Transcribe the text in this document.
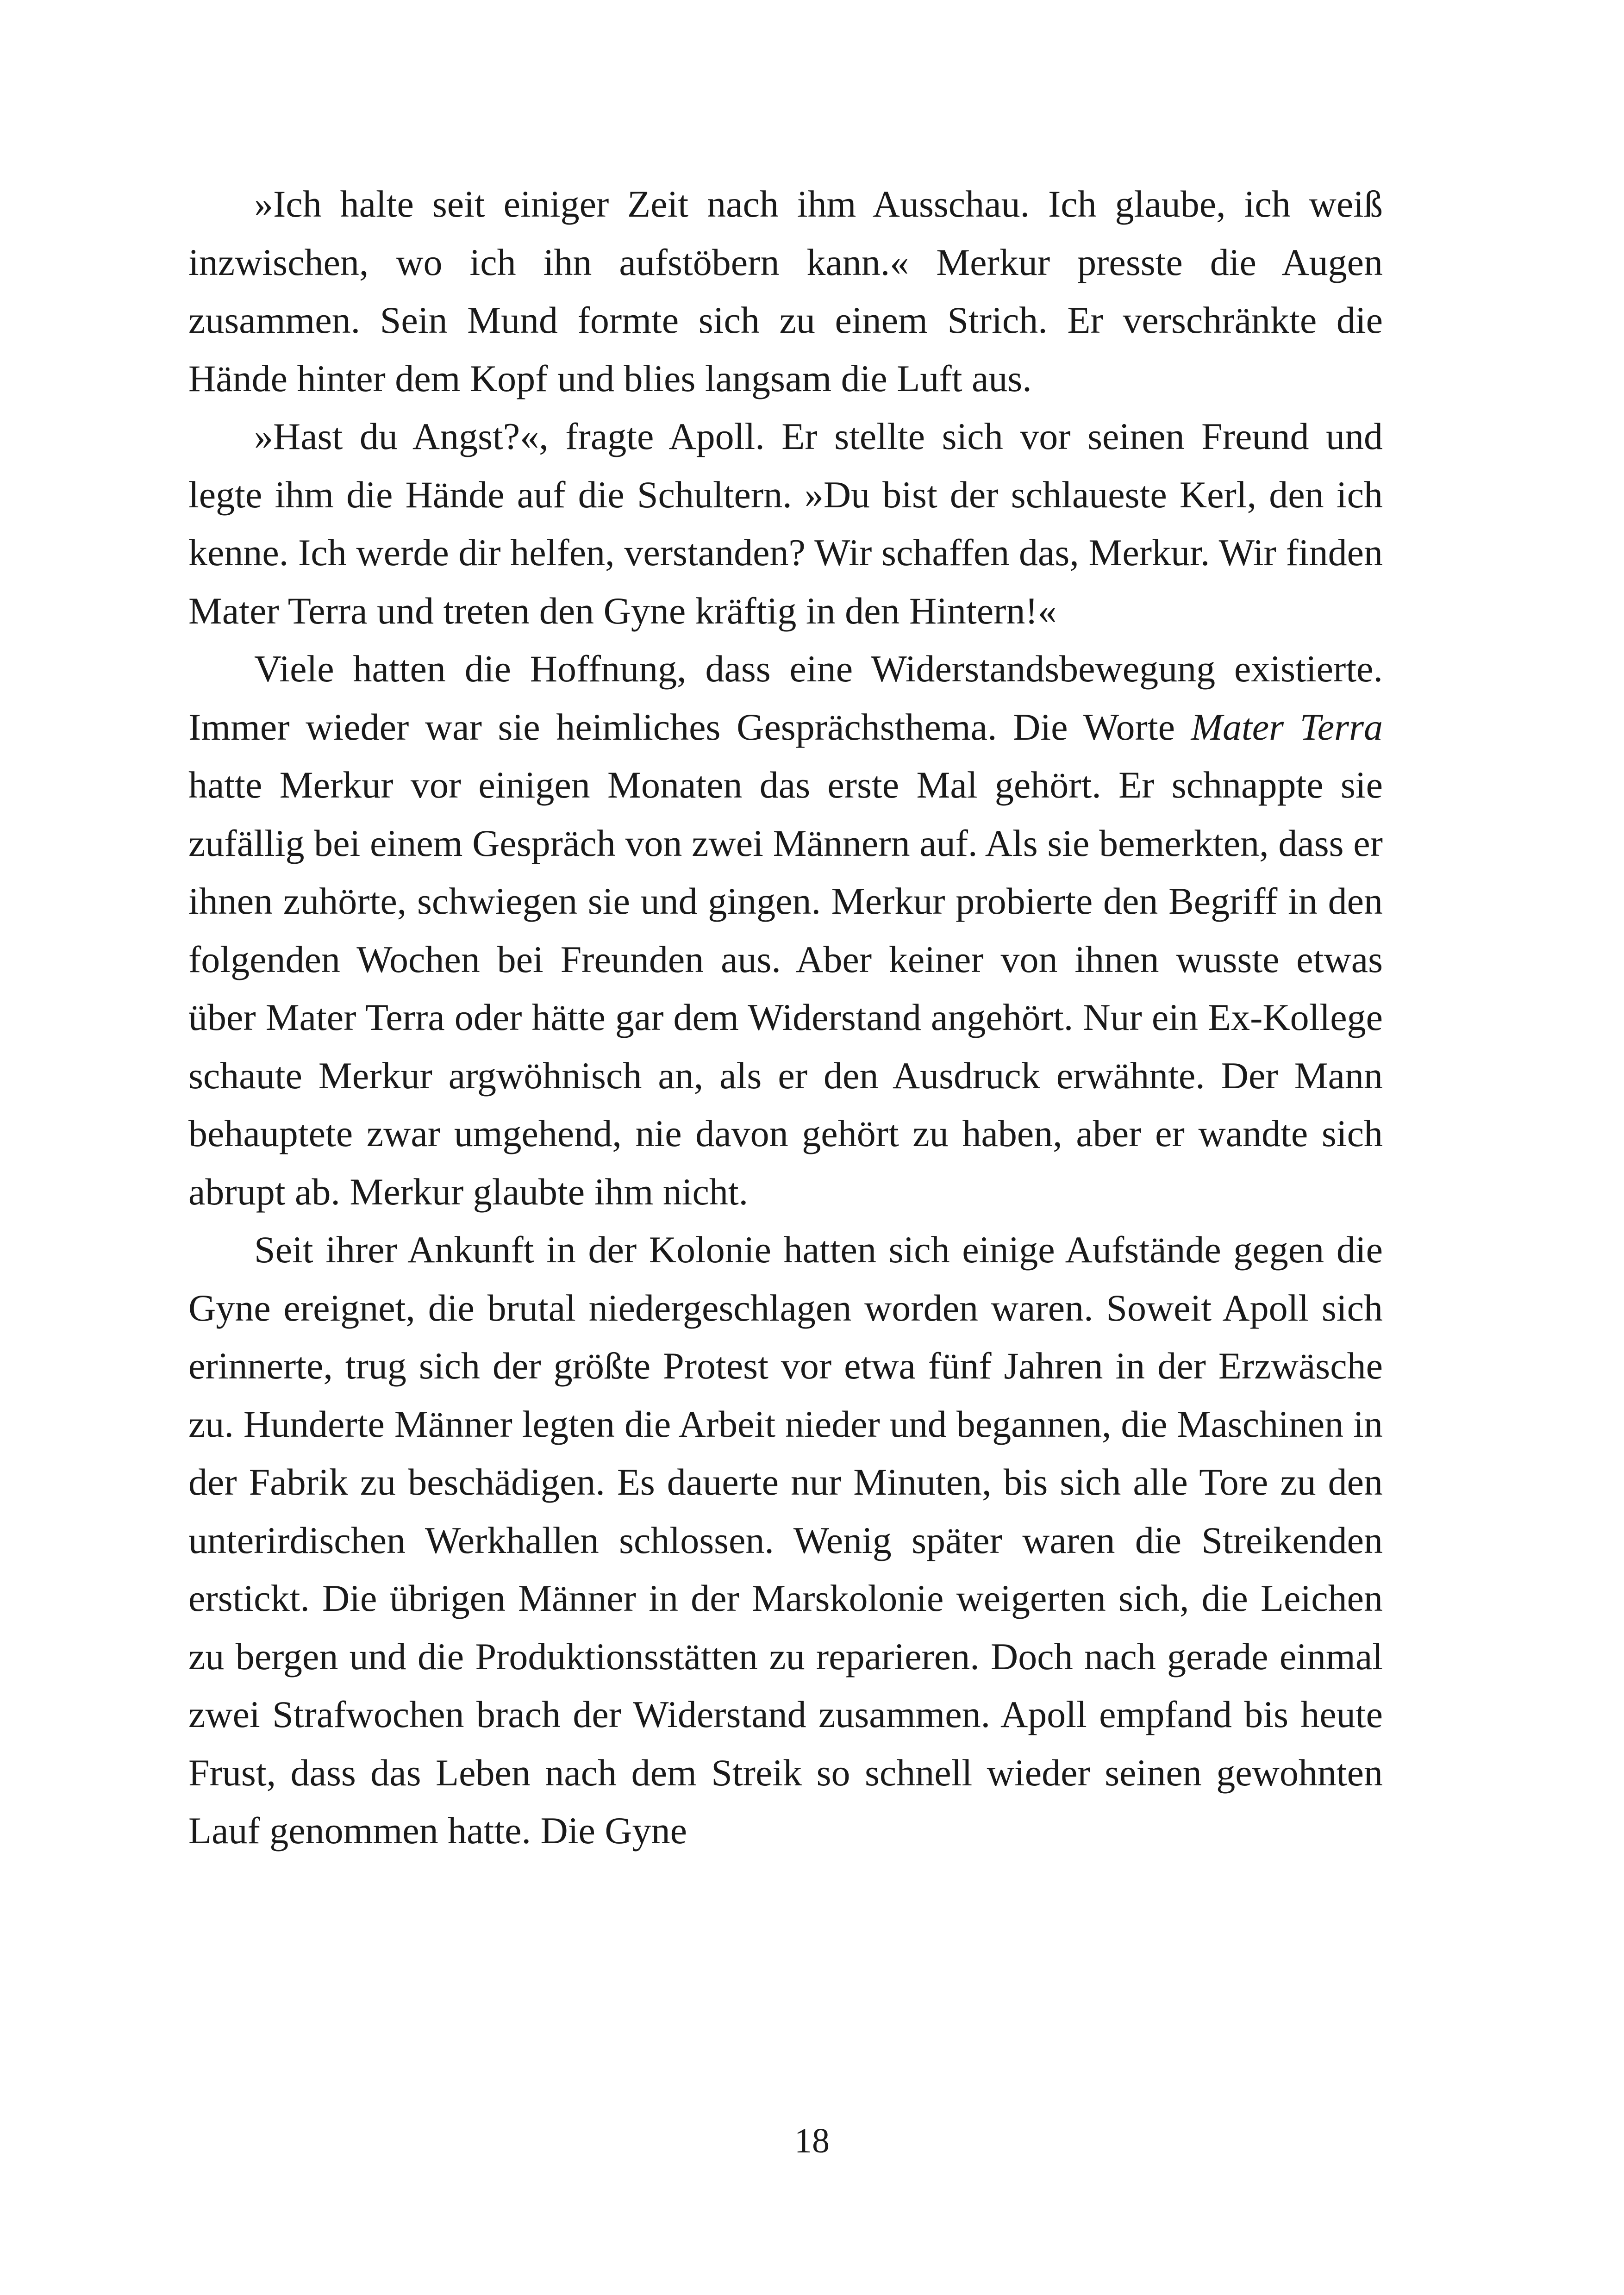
»Ich halte seit einiger Zeit nach ihm Ausschau. Ich glaube, ich weiß inzwischen, wo ich ihn aufstöbern kann.« Merkur presste die Augen zusammen. Sein Mund formte sich zu einem Strich. Er verschränkte die Hände hinter dem Kopf und blies langsam die Luft aus.

»Hast du Angst?«, fragte Apoll. Er stellte sich vor seinen Freund und legte ihm die Hände auf die Schultern. »Du bist der schlaueste Kerl, den ich kenne. Ich werde dir helfen, verstanden? Wir schaffen das, Merkur. Wir finden Mater Terra und treten den Gyne kräftig in den Hintern!«

Viele hatten die Hoffnung, dass eine Widerstandsbewegung existierte. Immer wieder war sie heimliches Gesprächsthema. Die Worte Mater Terra hatte Merkur vor einigen Monaten das erste Mal gehört. Er schnappte sie zufällig bei einem Gespräch von zwei Männern auf. Als sie bemerkten, dass er ihnen zuhörte, schwiegen sie und gingen. Merkur probierte den Begriff in den folgenden Wochen bei Freunden aus. Aber keiner von ihnen wusste etwas über Mater Terra oder hätte gar dem Widerstand angehört. Nur ein Ex-Kollege schaute Merkur argwöhnisch an, als er den Ausdruck erwähnte. Der Mann behauptete zwar umgehend, nie davon gehört zu haben, aber er wandte sich abrupt ab. Merkur glaubte ihm nicht.

Seit ihrer Ankunft in der Kolonie hatten sich einige Aufstände gegen die Gyne ereignet, die brutal niedergeschlagen worden waren. Soweit Apoll sich erinnerte, trug sich der größte Protest vor etwa fünf Jahren in der Erzwäsche zu. Hunderte Männer legten die Arbeit nieder und begannen, die Maschinen in der Fabrik zu beschädigen. Es dauerte nur Minuten, bis sich alle Tore zu den unterirdischen Werkhallen schlossen. Wenig später waren die Streikenden erstickt. Die übrigen Männer in der Marskolonie weigerten sich, die Leichen zu bergen und die Produktionsstätten zu reparieren. Doch nach gerade einmal zwei Strafwochen brach der Widerstand zusammen. Apoll empfand bis heute Frust, dass das Leben nach dem Streik so schnell wieder seinen gewohnten Lauf genommen hatte. Die Gyne

18
